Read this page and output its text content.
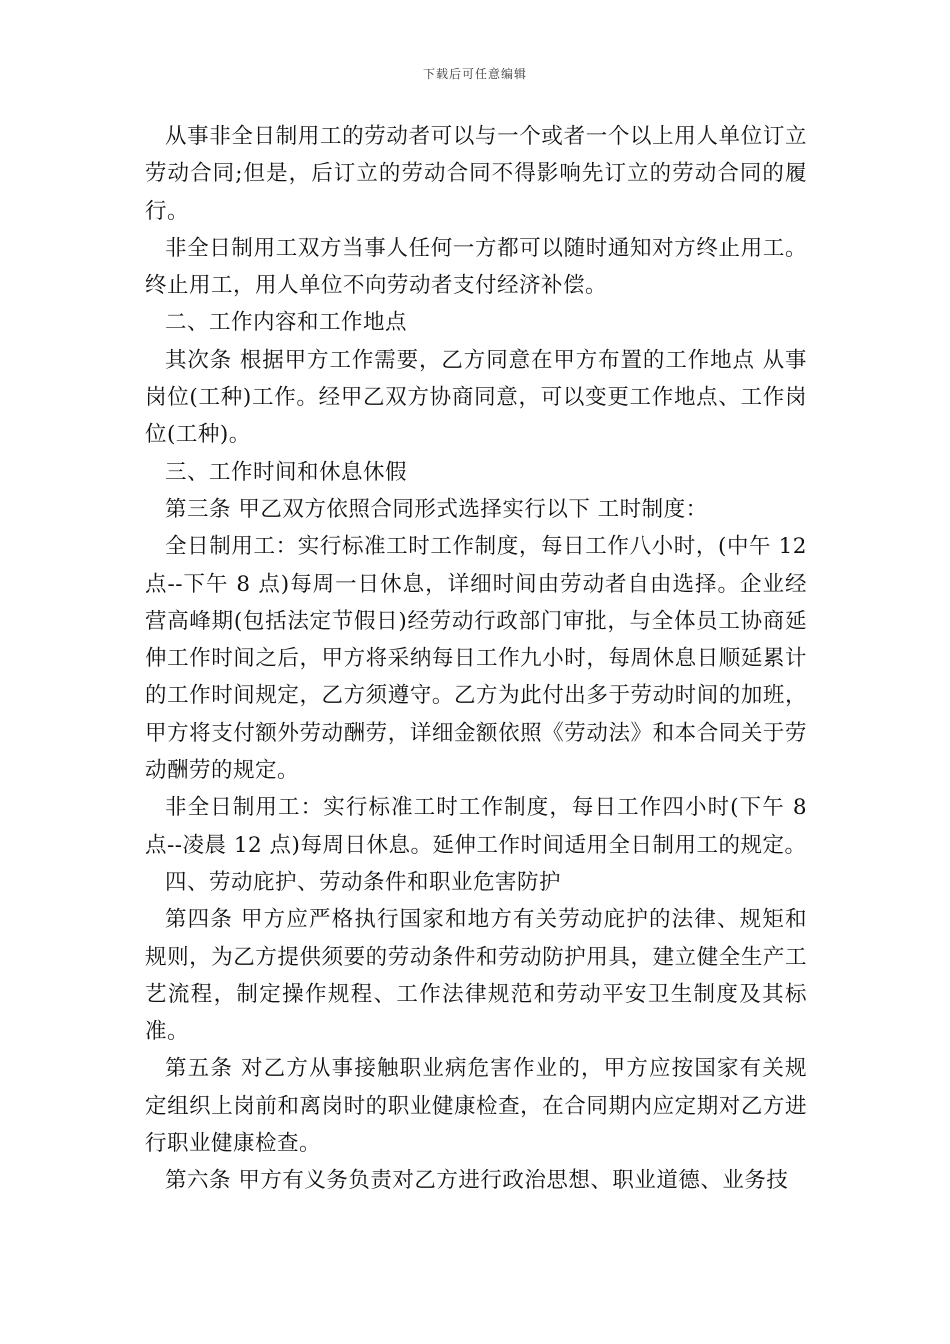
下载后可任意编辑

从事非全日制用工的劳动者可以与一个或者一个以上用人单位订立劳动合同;但是，后订立的劳动合同不得影响先订立的劳动合同的履行。

非全日制用工双方当事人任何一方都可以随时通知对方终止用工。终止用工，用人单位不向劳动者支付经济补偿。

二、工作内容和工作地点

其次条 根据甲方工作需要，乙方同意在甲方布置的工作地点 从事 岗位(工种)工作。经甲乙双方协商同意，可以变更工作地点、工作岗位(工种)。

三、工作时间和休息休假

第三条 甲乙双方依照合同形式选择实行以下 工时制度：

全日制用工：实行标准工时工作制度，每日工作八小时，(中午 12 点--下午 8 点)每周一日休息，详细时间由劳动者自由选择。企业经营高峰期(包括法定节假日)经劳动行政部门审批，与全体员工协商延伸工作时间之后，甲方将采纳每日工作九小时，每周休息日顺延累计的工作时间规定，乙方须遵守。乙方为此付出多于劳动时间的加班，甲方将支付额外劳动酬劳，详细金额依照《劳动法》和本合同关于劳动酬劳的规定。

非全日制用工：实行标准工时工作制度，每日工作四小时(下午 8 点--凌晨 12 点)每周日休息。延伸工作时间适用全日制用工的规定。

四、劳动庇护、劳动条件和职业危害防护

第四条 甲方应严格执行国家和地方有关劳动庇护的法律、规矩和规则，为乙方提供须要的劳动条件和劳动防护用具，建立健全生产工艺流程，制定操作规程、工作法律规范和劳动平安卫生制度及其标准。

第五条 对乙方从事接触职业病危害作业的，甲方应按国家有关规定组织上岗前和离岗时的职业健康检查，在合同期内应定期对乙方进行职业健康检查。

第六条 甲方有义务负责对乙方进行政治思想、职业道德、业务技
